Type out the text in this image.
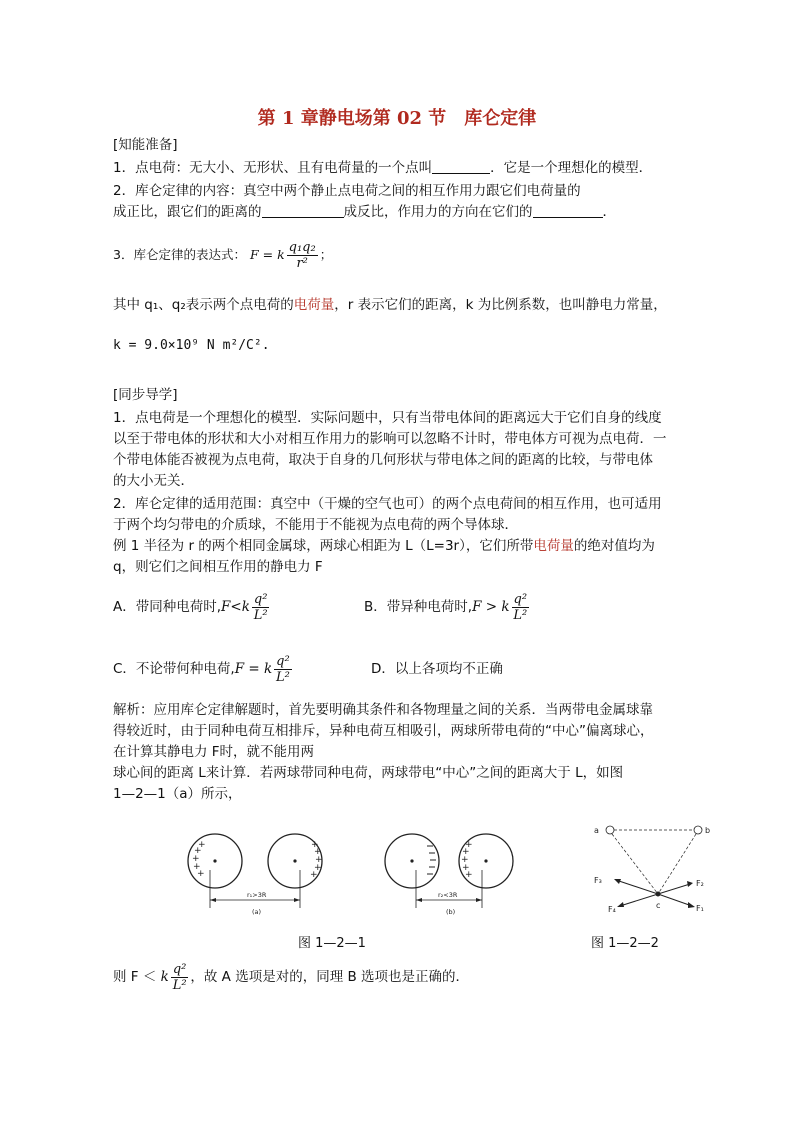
第 1 章静电场第 02 节　库仑定律
[知能准备]
1．点电荷：无大小、无形状、且有电荷量的一个点叫	．它是一个理想化的模型．
2．库仑定律的内容：真空中两个静止点电荷之间的相互作用力跟它们电荷量的
成正比，跟它们的距离的	成反比，作用力的方向在它们的	．
3．库仑定律的表达式： F = k $\frac{\text{q₁q₂}}{\text{r²}}$ ；
其中 q₁、q₂表示两个点电荷的电荷量，r 表示它们的距离，k 为比例系数，也叫静电力常量，
k = 9.0×10⁹ N m²/C².
[同步导学]
1．点电荷是一个理想化的模型．实际问题中，只有当带电体间的距离远大于它们自身的线度
以至于带电体的形状和大小对相互作用力的影响可以忽略不计时，带电体方可视为点电荷．一
个带电体能否被视为点电荷，取决于自身的几何形状与带电体之间的距离的比较，与带电体
的大小无关．
2．库仑定律的适用范围：真空中（干燥的空气也可）的两个点电荷间的相互作用，也可适用
于两个均匀带电的介质球，不能用于不能视为点电荷的两个导体球．
例 1 半径为 r 的两个相同金属球，两球心相距为 L（L=3r），它们所带电荷量的绝对值均为
q，则它们之间相互作用的静电力 F
A．带同种电荷时$,F<k \frac{\text{q²}}{\text{L²}}$	B．带异种电荷时,F > k $\frac{\text{q²}}{\text{L²}}$
C．不论带何种电荷,F = k $\frac{\text{q²}}{\text{L²}}$	D．以上各项均不正确
解析：应用库仑定律解题时，首先要明确其条件和各物理量之间的关系．当两带电金属球靠
得较近时，由于同种电荷互相排斥，异种电荷互相吸引，两球所带电荷的“中心”偏离球心，
在计算其静电力 F时，就不能用两
球心间的距离 L来计算．若两球带同种电荷，两球带电“中心”之间的距离大于 L，如图
1—2—1（a）所示，
+
+
+
+
+	+
+
+
+
+
r₁>3R
(a)
+
+
+
+
+
r₂<3R
(b)
图 1—2—1
a	b
c
F₃
F₄
F₂
F₁
图 1—2—2
则 F ＜ k $\frac{\text{q²}}{\text{L²}}$ ，故 A 选项是对的，同理 B 选项也是正确的．
